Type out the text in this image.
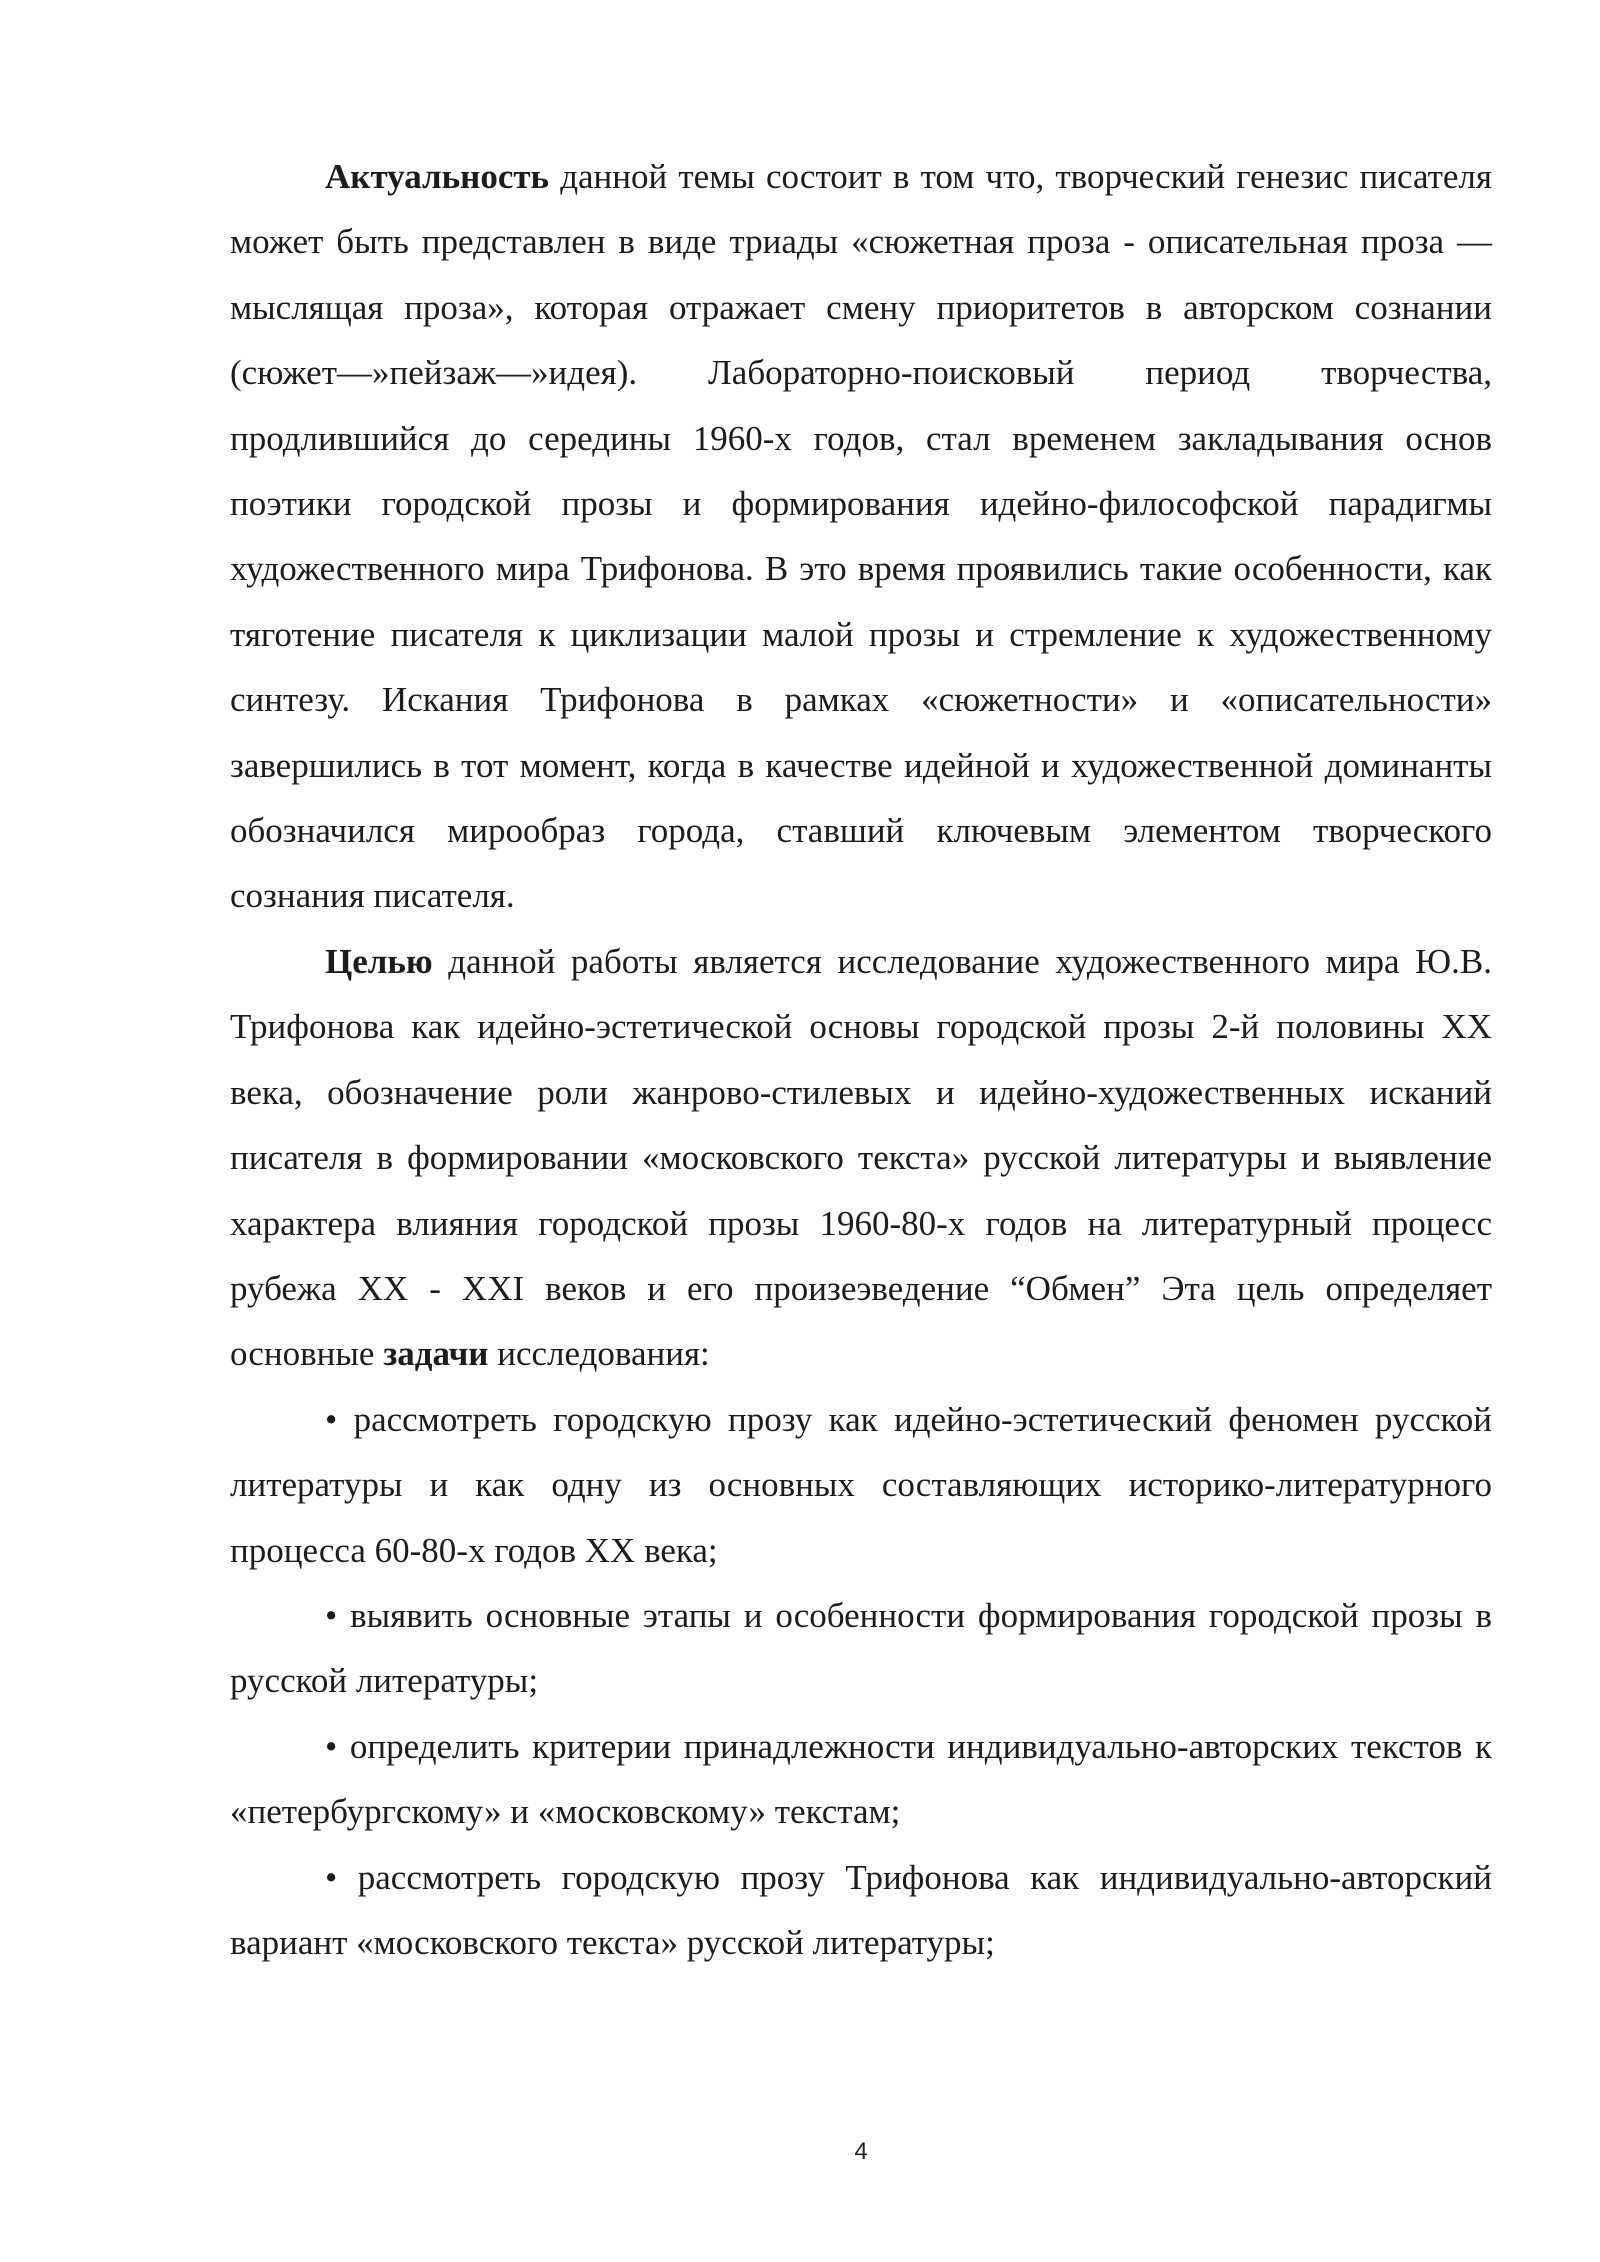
Актуальность данной темы состоит в том что, творческий генезис писателя может быть представлен в виде триады «сюжетная проза - описательная проза — мыслящая проза», которая отражает смену приоритетов в авторском сознании (сюжет—»пейзаж—»идея). Лабораторно-поисковый период творчества, продлившийся до середины 1960-х годов, стал временем закладывания основ поэтики городской прозы и формирования идейно-философской парадигмы художественного мира Трифонова. В это время проявились такие особенности, как тяготение писателя к циклизации малой прозы и стремление к художественному синтезу. Искания Трифонова в рамках «сюжетности» и «описательности» завершились в тот момент, когда в качестве идейной и художественной доминанты обозначился мирообраз города, ставший ключевым элементом творческого сознания писателя.

Целью данной работы является исследование художественного мира Ю.В. Трифонова как идейно-эстетической основы городской прозы 2-й половины XX века, обозначение роли жанрово-стилевых и идейно-художественных исканий писателя в формировании «московского текста» русской литературы и выявление характера влияния городской прозы 1960-80-х годов на литературный процесс рубежа XX - XXI веков и его произеэведение “Обмен” Эта цель определяет основные задачи исследования:

• рассмотреть городскую прозу как идейно-эстетический феномен русской литературы и как одну из основных составляющих историко-литературного процесса 60-80-х годов XX века;

• выявить основные этапы и особенности формирования городской прозы в русской литературы;

• определить критерии принадлежности индивидуально-авторских текстов к «петербургскому» и «московскому» текстам;

• рассмотреть городскую прозу Трифонова как индивидуально-авторский вариант «московского текста» русской литературы;

4
